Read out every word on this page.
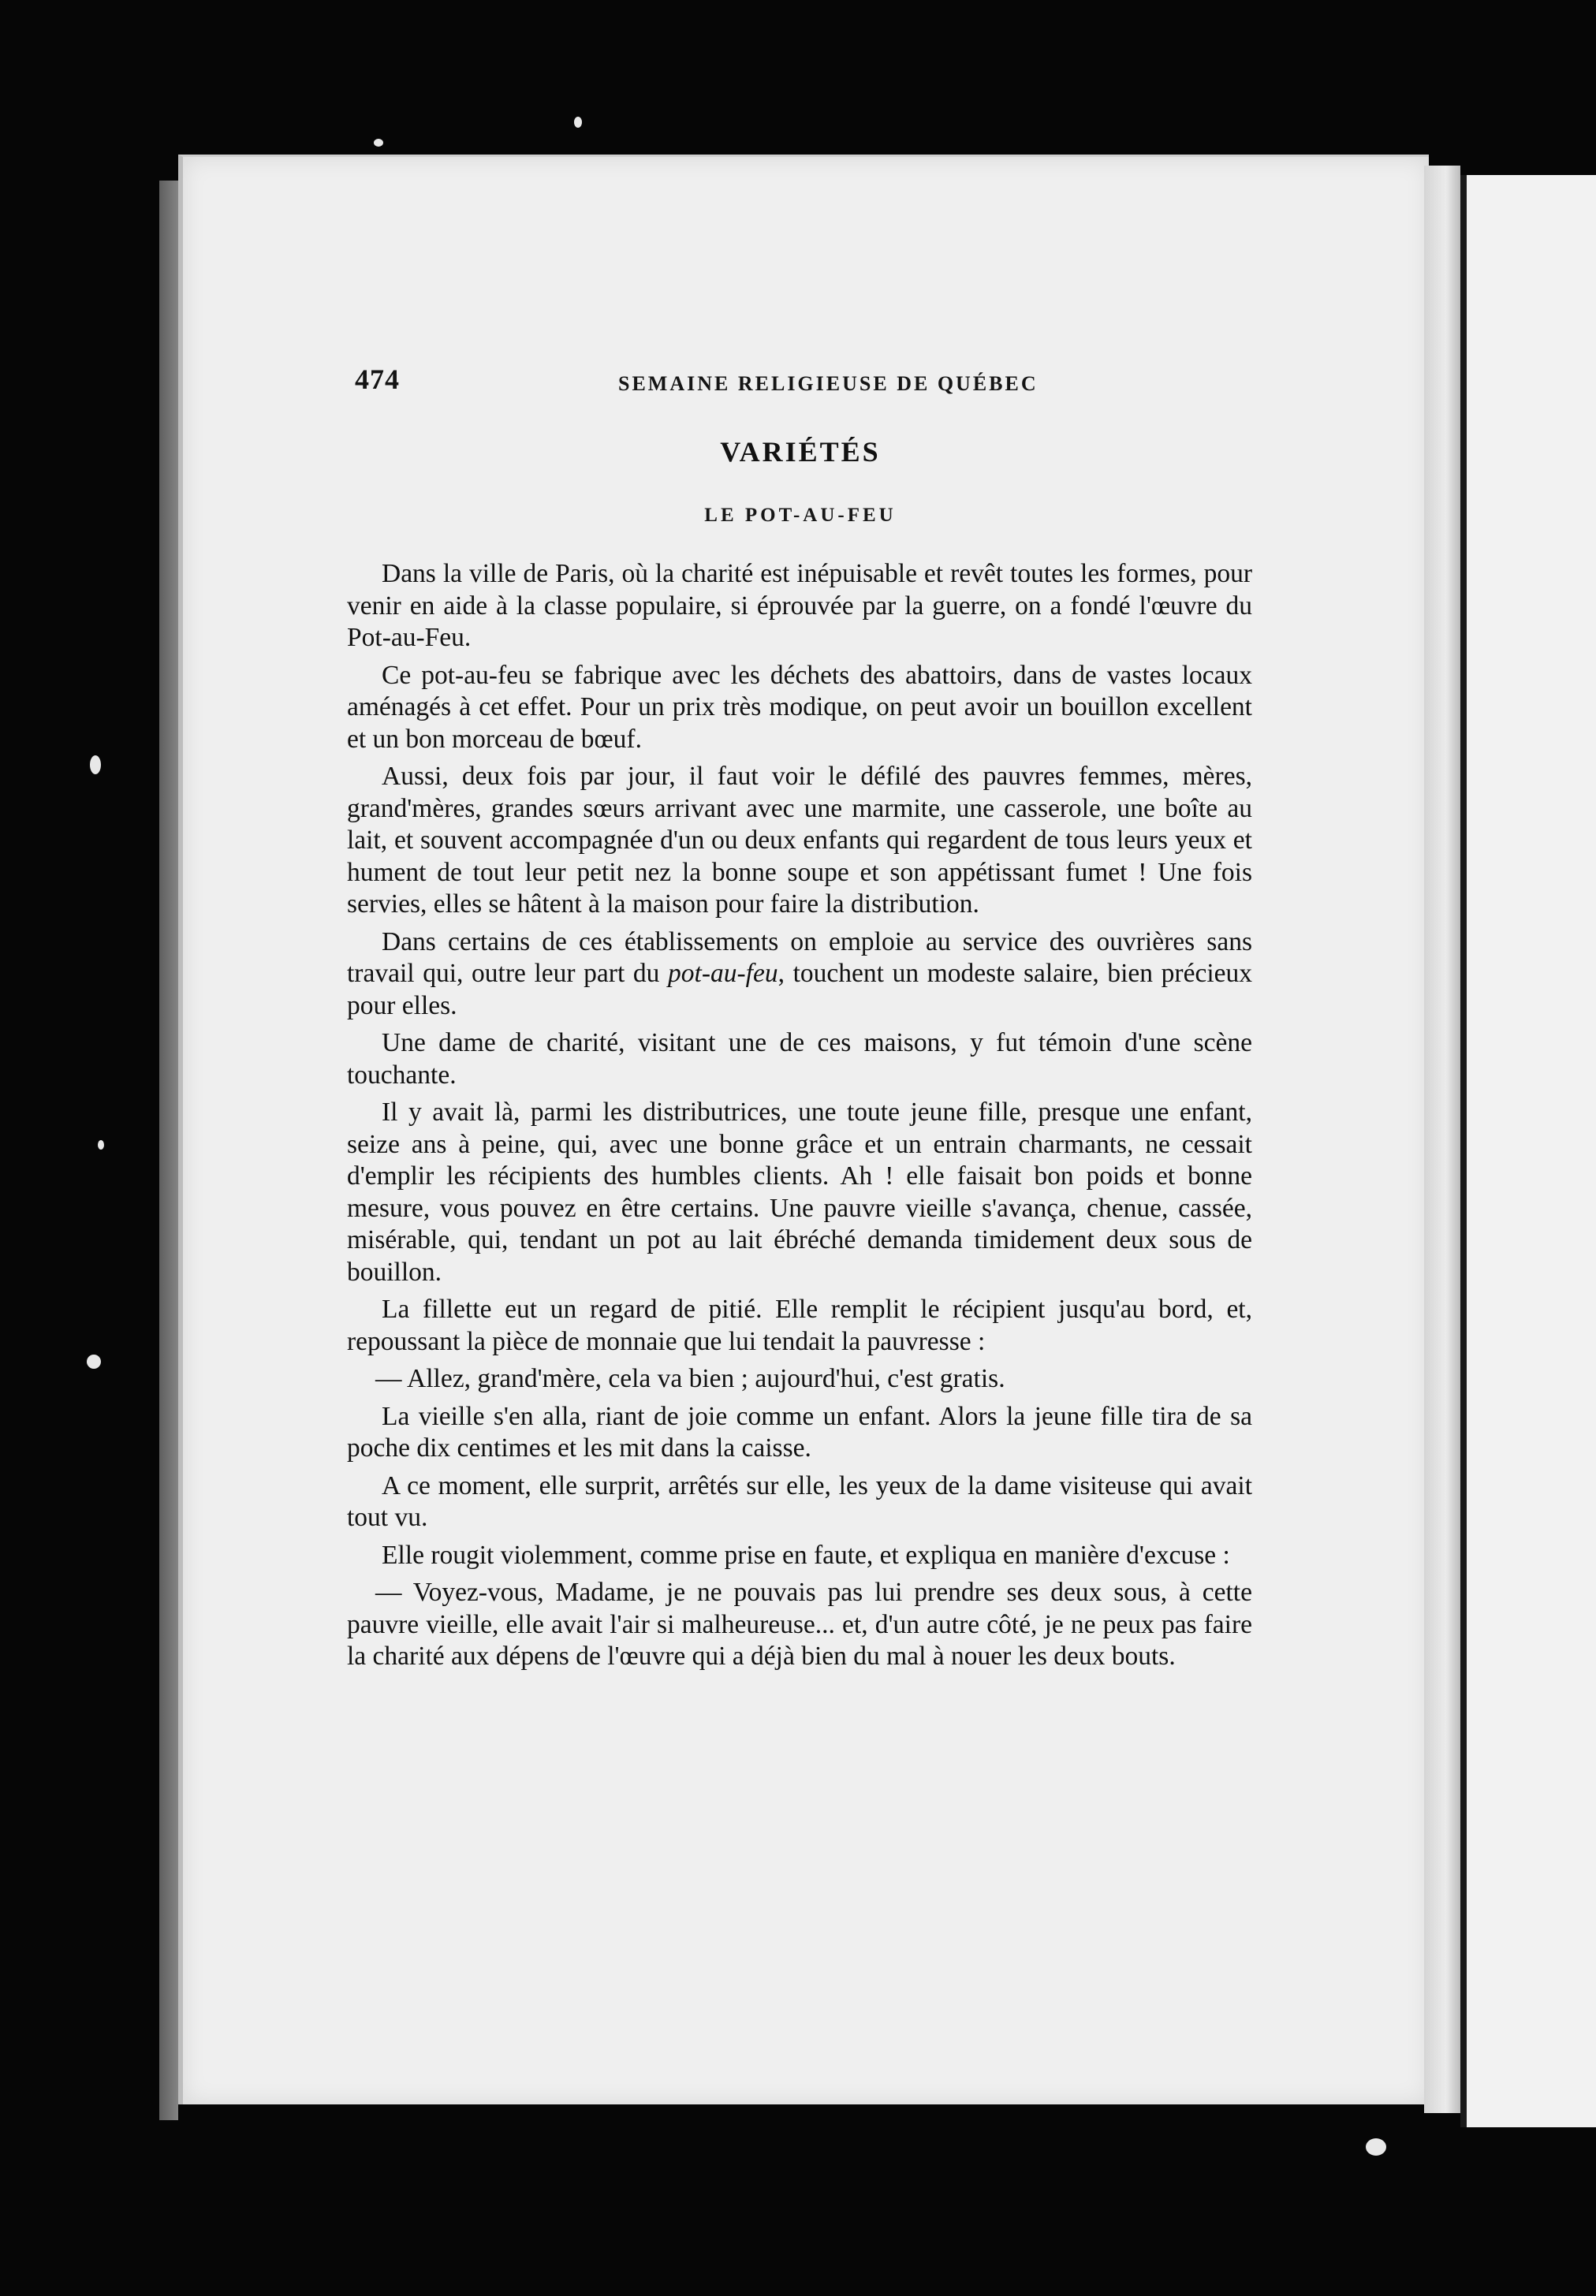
474	SEMAINE RELIGIEUSE DE QUÉBEC
VARIÉTÉS
LE POT-AU-FEU

Dans la ville de Paris, où la charité est inépuisable et revêt toutes les formes, pour venir en aide à la classe populaire, si éprouvée par la guerre, on a fondé l'œuvre du Pot-au-Feu.

Ce pot-au-feu se fabrique avec les déchets des abattoirs, dans de vastes locaux aménagés à cet effet. Pour un prix très modique, on peut avoir un bouillon excellent et un bon morceau de bœuf.

Aussi, deux fois par jour, il faut voir le défilé des pauvres femmes, mères, grand'mères, grandes sœurs arrivant avec une marmite, une casserole, une boîte au lait, et souvent accompagnée d'un ou deux enfants qui regardent de tous leurs yeux et hument de tout leur petit nez la bonne soupe et son appétissant fumet ! Une fois servies, elles se hâtent à la maison pour faire la distribution.

Dans certains de ces établissements on emploie au service des ouvrières sans travail qui, outre leur part du pot-au-feu, touchent un modeste salaire, bien précieux pour elles.

Une dame de charité, visitant une de ces maisons, y fut témoin d'une scène touchante.

Il y avait là, parmi les distributrices, une toute jeune fille, presque une enfant, seize ans à peine, qui, avec une bonne grâce et un entrain charmants, ne cessait d'emplir les récipients des humbles clients. Ah ! elle faisait bon poids et bonne mesure, vous pouvez en être certains. Une pauvre vieille s'avança, chenue, cassée, misérable, qui, tendant un pot au lait ébréché demanda timidement deux sous de bouillon.

La fillette eut un regard de pitié. Elle remplit le récipient jusqu'au bord, et, repoussant la pièce de monnaie que lui tendait la pauvresse :

— Allez, grand'mère, cela va bien ; aujourd'hui, c'est gratis.

La vieille s'en alla, riant de joie comme un enfant. Alors la jeune fille tira de sa poche dix centimes et les mit dans la caisse.

A ce moment, elle surprit, arrêtés sur elle, les yeux de la dame visiteuse qui avait tout vu.

Elle rougit violemment, comme prise en faute, et expliqua en manière d'excuse :

— Voyez-vous, Madame, je ne pouvais pas lui prendre ses deux sous, à cette pauvre vieille, elle avait l'air si malheureuse... et, d'un autre côté, je ne peux pas faire la charité aux dépens de l'œuvre qui a déjà bien du mal à nouer les deux bouts.
